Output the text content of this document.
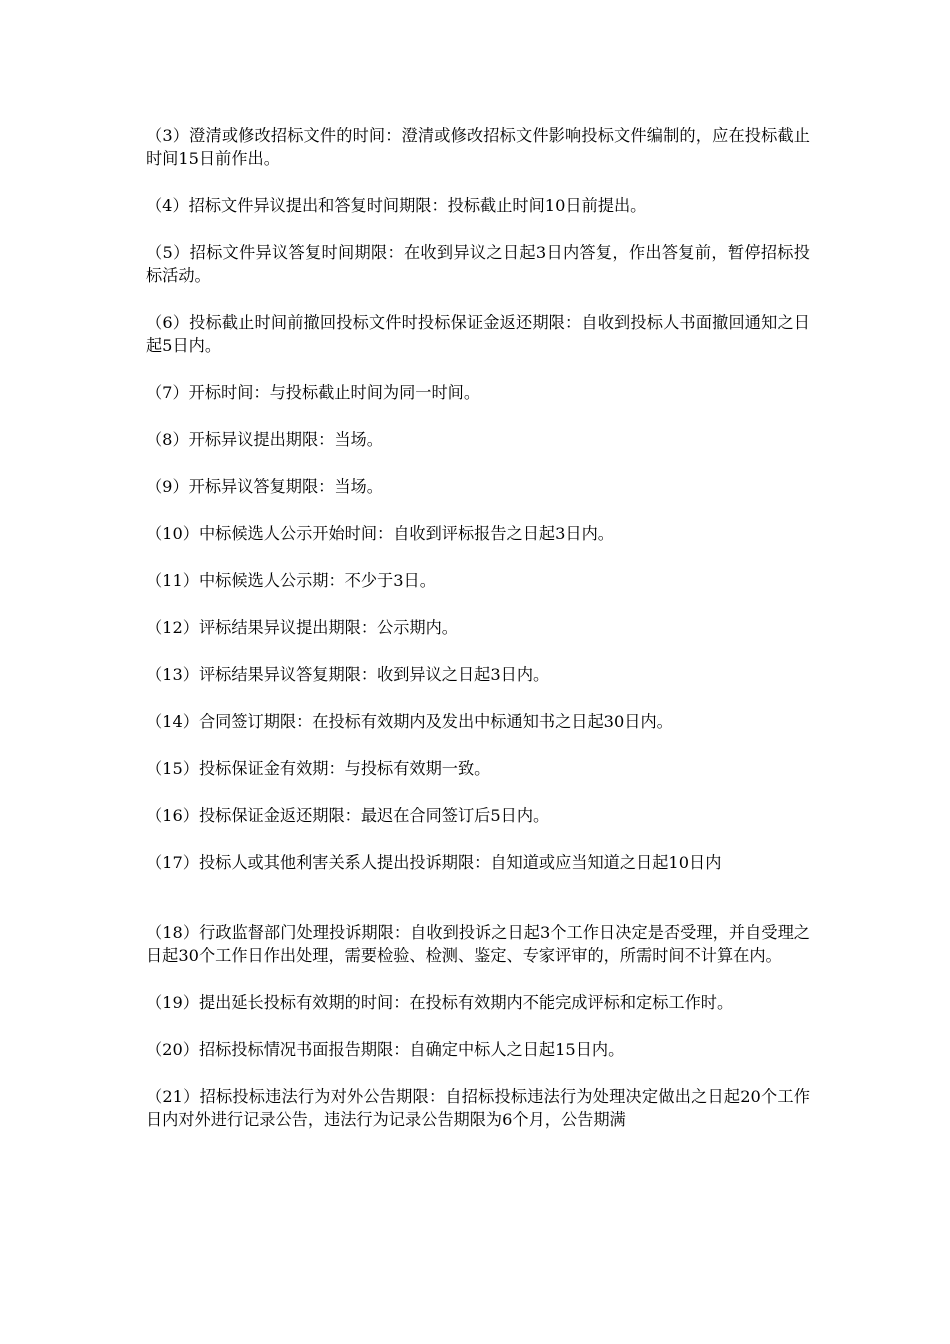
（3）澄清或修改招标文件的时间：澄清或修改招标文件影响投标文件编制的，应在投标截止时间15日前作出。

（4）招标文件异议提出和答复时间期限：投标截止时间10日前提出。

（5）招标文件异议答复时间期限：在收到异议之日起3日内答复，作出答复前，暂停招标投标活动。

（6）投标截止时间前撤回投标文件时投标保证金返还期限：自收到投标人书面撤回通知之日起5日内。

（7）开标时间：与投标截止时间为同一时间。

（8）开标异议提出期限：当场。

（9）开标异议答复期限：当场。

（10）中标候选人公示开始时间：自收到评标报告之日起3日内。

（11）中标候选人公示期：不少于3日。

（12）评标结果异议提出期限：公示期内。

（13）评标结果异议答复期限：收到异议之日起3日内。

（14）合同签订期限：在投标有效期内及发出中标通知书之日起30日内。

（15）投标保证金有效期：与投标有效期一致。

（16）投标保证金返还期限：最迟在合同签订后5日内。

（17）投标人或其他利害关系人提出投诉期限：自知道或应当知道之日起10日内

（18）行政监督部门处理投诉期限：自收到投诉之日起3个工作日决定是否受理，并自受理之日起30个工作日作出处理，需要检验、检测、鉴定、专家评审的，所需时间不计算在内。

（19）提出延长投标有效期的时间：在投标有效期内不能完成评标和定标工作时。

（20）招标投标情况书面报告期限：自确定中标人之日起15日内。

（21）招标投标违法行为对外公告期限：自招标投标违法行为处理决定做出之日起20个工作日内对外进行记录公告，违法行为记录公告期限为6个月，公告期满
